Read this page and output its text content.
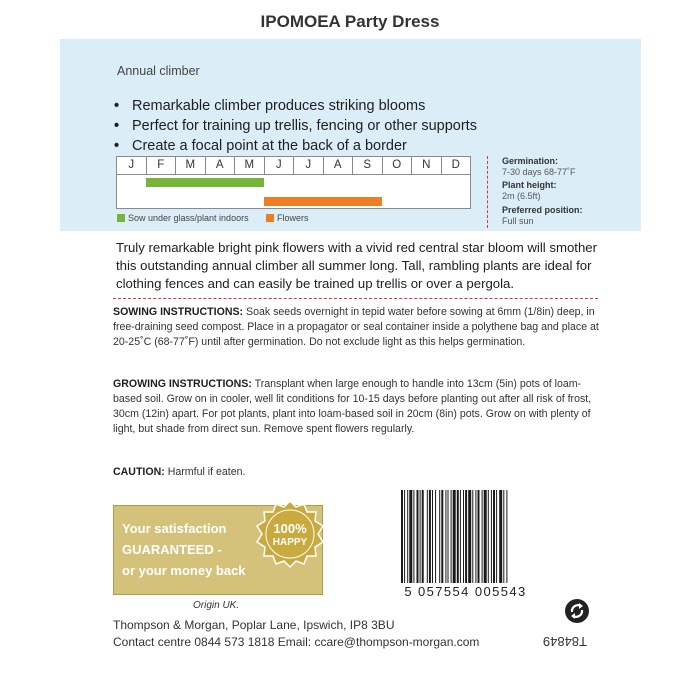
IPOMOEA Party Dress
Annual climber
• Remarkable climber produces striking blooms
• Perfect for training up trellis, fencing or other supports
• Create a focal point at the back of a border
J	F	M	A	M	J	J	A	S	O	N	D
Sow under glass/plant indoors	Flowers
Germination:
7-30 days 68-77˚F
Plant height:
2m (6.5ft)
Preferred position:
Full sun
Truly remarkable bright pink flowers with a vivid red central star bloom will smother this outstanding annual climber all summer long. Tall, rambling plants are ideal for clothing fences and can easily be trained up trellis or over a pergola.
SOWING INSTRUCTIONS: Soak seeds overnight in tepid water before sowing at 6mm (1/8in) deep, in free-draining seed compost. Place in a propagator or seal container inside a polythene bag and place at 20-25˚C (68-77˚F) until after germination. Do not exclude light as this helps germination.
GROWING INSTRUCTIONS: Transplant when large enough to handle into 13cm (5in) pots of loam-based soil. Grow on in cooler, well lit conditions for 10-15 days before planting out after all risk of frost, 30cm (12in) apart. For pot plants, plant into loam-based soil in 20cm (8in) pots. Grow on with plenty of light, but shade from direct sun. Remove spent flowers regularly.
CAUTION: Harmful if eaten.
Your satisfaction
GUARANTEED -
or your money back
100%
HAPPY
5 057554 005543
Origin UK.
Thompson & Morgan, Poplar Lane, Ipswich, IP8 3BU
Contact centre 0844 573 1818 Email: ccare@thompson-morgan.com	T84849
